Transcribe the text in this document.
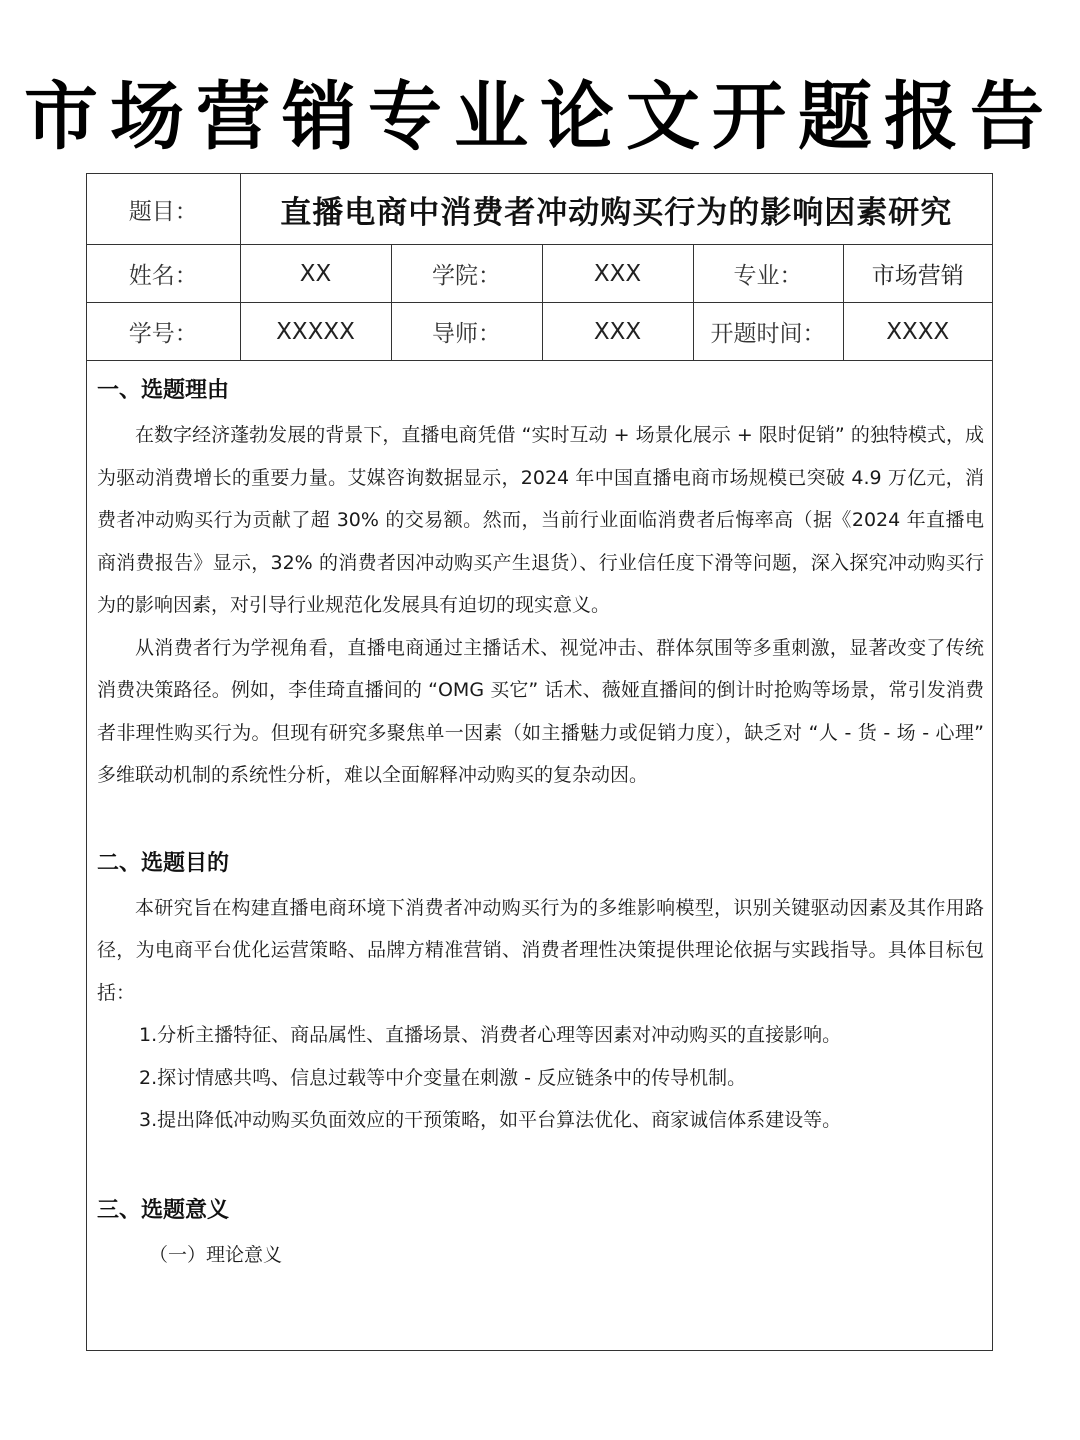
市场营销专业论文开题报告
题目：	直播电商中消费者冲动购买行为的影响因素研究				
姓名：	XX	学院：	XXX	专业：	市场营销
学号：	XXXXX	导师：	XXX	开题时间：	XXXX
一、选题理由

在数字经济蓬勃发展的背景下，直播电商凭借 “实时互动 + 场景化展示 + 限时促销” 的独特模式，成为驱动消费增长的重要力量。艾媒咨询数据显示，2024 年中国直播电商市场规模已突破 4.9 万亿元，消费者冲动购买行为贡献了超 30% 的交易额。然而，当前行业面临消费者后悔率高（据《2024 年直播电商消费报告》显示，32% 的消费者因冲动购买产生退货）、行业信任度下滑等问题，深入探究冲动购买行为的影响因素，对引导行业规范化发展具有迫切的现实意义。

从消费者行为学视角看，直播电商通过主播话术、视觉冲击、群体氛围等多重刺激，显著改变了传统消费决策路径。例如，李佳琦直播间的 “OMG 买它” 话术、薇娅直播间的倒计时抢购等场景，常引发消费者非理性购买行为。但现有研究多聚焦单一因素（如主播魅力或促销力度），缺乏对 “人 - 货 - 场 - 心理” 多维联动机制的系统性分析，难以全面解释冲动购买的复杂动因。

二、选题目的

本研究旨在构建直播电商环境下消费者冲动购买行为的多维影响模型，识别关键驱动因素及其作用路径，为电商平台优化运营策略、品牌方精准营销、消费者理性决策提供理论依据与实践指导。具体目标包括：

1.分析主播特征、商品属性、直播场景、消费者心理等因素对冲动购买的直接影响。

2.探讨情感共鸣、信息过载等中介变量在刺激 - 反应链条中的传导机制。

3.提出降低冲动购买负面效应的干预策略，如平台算法优化、商家诚信体系建设等。

三、选题意义

（一）理论意义
